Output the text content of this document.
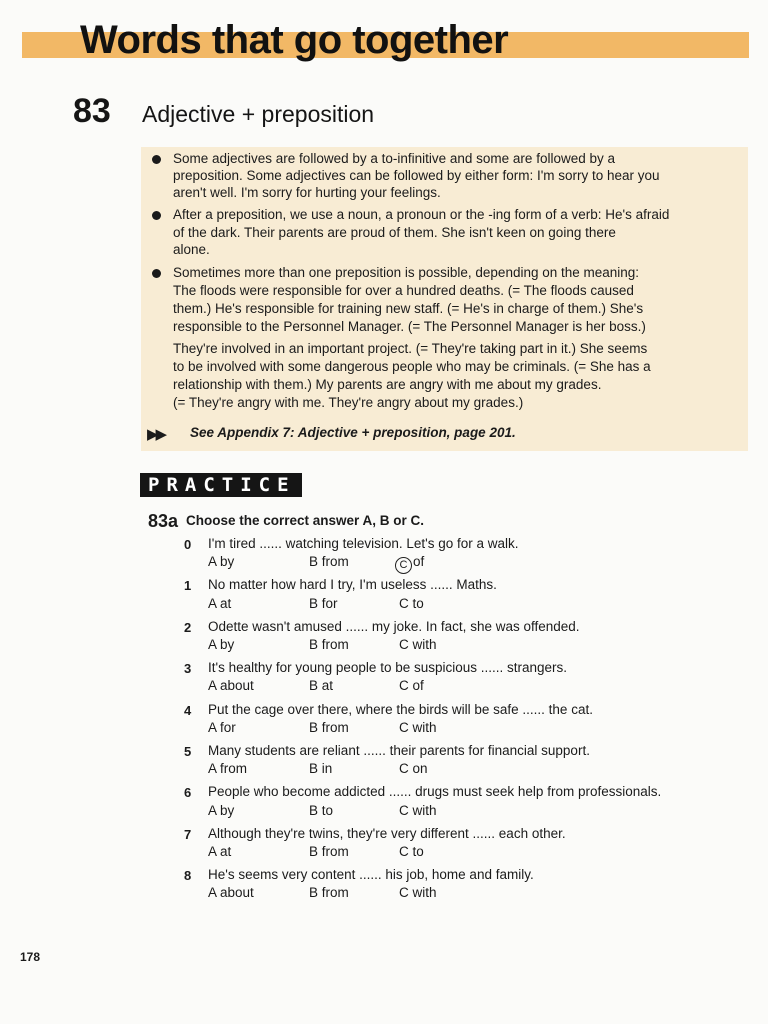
Words that go together
83 Adjective + preposition
Some adjectives are followed by a to-infinitive and some are followed by a
preposition. Some adjectives can be followed by either form: I'm sorry to hear you
aren't well. I'm sorry for hurting your feelings.
After a preposition, we use a noun, a pronoun or the -ing form of a verb: He's afraid
of the dark. Their parents are proud of them. She isn't keen on going there
alone.
Sometimes more than one preposition is possible, depending on the meaning:
The floods were responsible for over a hundred deaths. (= The floods caused
them.) He's responsible for training new staff. (= He's in charge of them.) She's
responsible to the Personnel Manager. (= The Personnel Manager is her boss.)
They're involved in an important project. (= They're taking part in it.) She seems
to be involved with some dangerous people who may be criminals. (= She has a
relationship with them.) My parents are angry with me about my grades.
(= They're angry with me. They're angry about my grades.)
▶▶ See Appendix 7: Adjective + preposition, page 201.
PRACTICE
83a Choose the correct answer A, B or C.
0 I'm tired ...... watching television. Let's go for a walk.
A by	B from	C of
1 No matter how hard I try, I'm useless ...... Maths.
A at	B for	C to
2 Odette wasn't amused ...... my joke. In fact, she was offended.
A by	B from	C with
3 It's healthy for young people to be suspicious ...... strangers.
A about	B at	C of
4 Put the cage over there, where the birds will be safe ...... the cat.
A for	B from	C with
5 Many students are reliant ...... their parents for financial support.
A from	B in	C on
6 People who become addicted ...... drugs must seek help from professionals.
A by	B to	C with
7 Although they're twins, they're very different ...... each other.
A at	B from	C to
8 He's seems very content ...... his job, home and family.
A about	B from	C with
178
